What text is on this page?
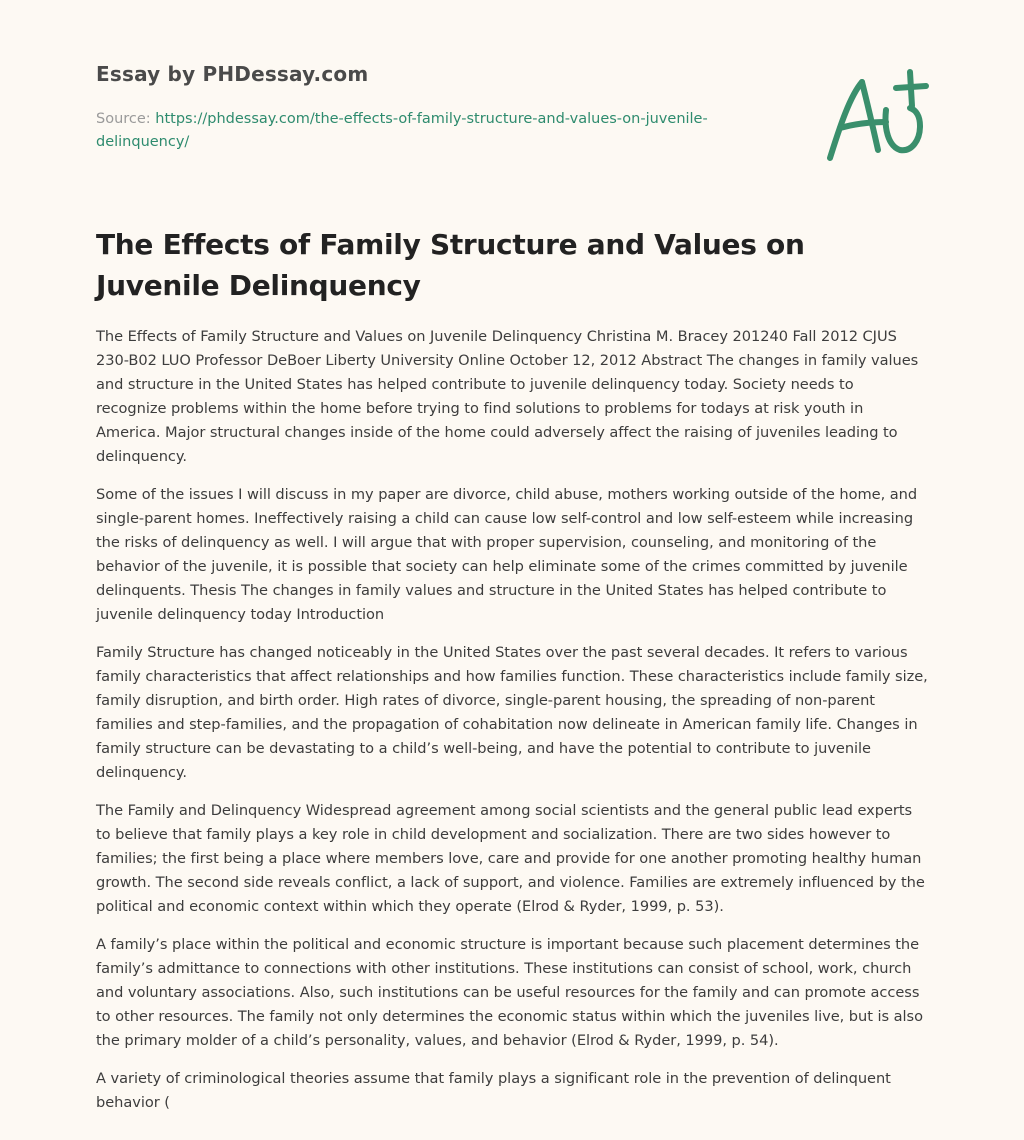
Essay by PHDessay.com
Source: https://phdessay.com/the-effects-of-family-structure-and-values-on-juvenile-delinquency/
The Effects of Family Structure and Values on Juvenile Delinquency

The Effects of Family Structure and Values on Juvenile Delinquency Christina M. Bracey 201240 Fall 2012 CJUS 230-B02 LUO Professor DeBoer Liberty University Online October 12, 2012 Abstract The changes in family values and structure in the United States has helped contribute to juvenile delinquency today. Society needs to recognize problems within the home before trying to find solutions to problems for todays at risk youth in America. Major structural changes inside of the home could adversely affect the raising of juveniles leading to delinquency.

Some of the issues I will discuss in my paper are divorce, child abuse, mothers working outside of the home, and single-parent homes. Ineffectively raising a child can cause low self-control and low self-esteem while increasing the risks of delinquency as well. I will argue that with proper supervision, counseling, and monitoring of the behavior of the juvenile, it is possible that society can help eliminate some of the crimes committed by juvenile delinquents. Thesis The changes in family values and structure in the United States has helped contribute to juvenile delinquency today Introduction

Family Structure has changed noticeably in the United States over the past several decades. It refers to various family characteristics that affect relationships and how families function. These characteristics include family size, family disruption, and birth order. High rates of divorce, single-parent housing, the spreading of non-parent families and step-families, and the propagation of cohabitation now delineate in American family life. Changes in family structure can be devastating to a child’s well-being, and have the potential to contribute to juvenile delinquency.

The Family and Delinquency Widespread agreement among social scientists and the general public lead experts to believe that family plays a key role in child development and socialization. There are two sides however to families; the first being a place where members love, care and provide for one another promoting healthy human growth. The second side reveals conflict, a lack of support, and violence. Families are extremely influenced by the political and economic context within which they operate (Elrod & Ryder, 1999, p. 53).

A family’s place within the political and economic structure is important because such placement determines the family’s admittance to connections with other institutions. These institutions can consist of school, work, church and voluntary associations. Also, such institutions can be useful resources for the family and can promote access to other resources. The family not only determines the economic status within which the juveniles live, but is also the primary molder of a child’s personality, values, and behavior (Elrod & Ryder, 1999, p. 54).

A variety of criminological theories assume that family plays a significant role in the prevention of delinquent behavior (
